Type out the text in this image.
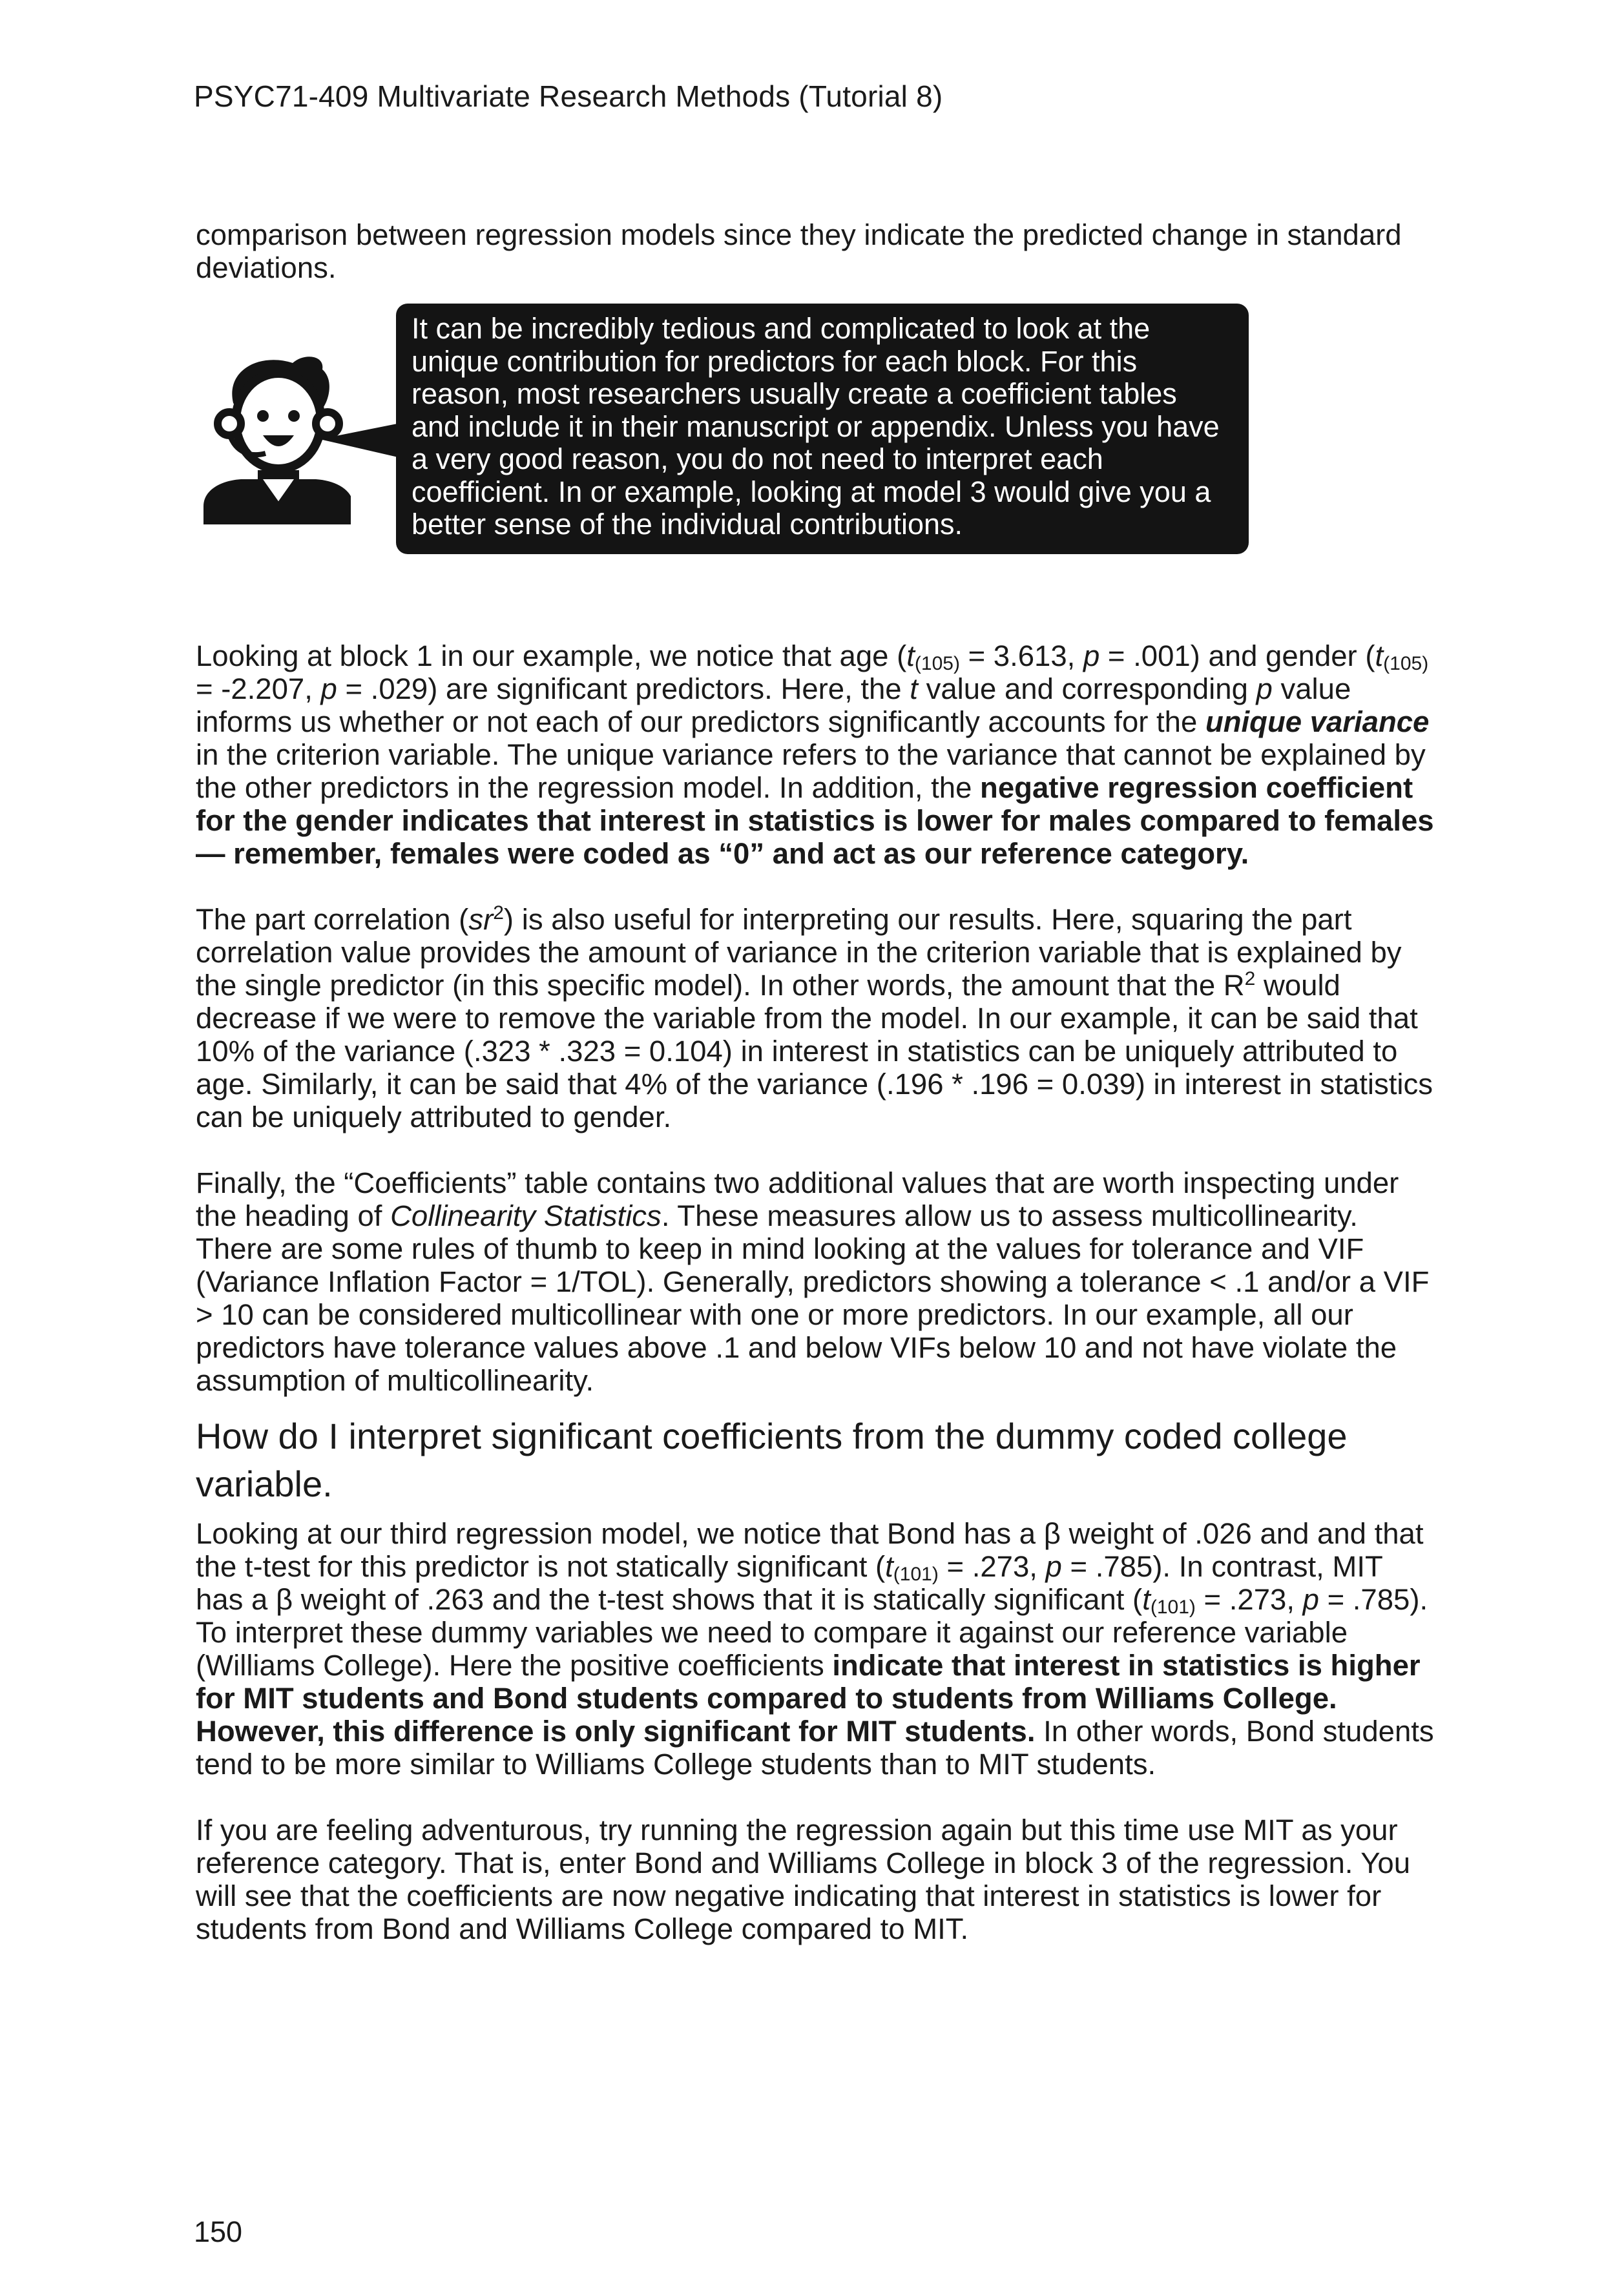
PSYC71-409 Multivariate Research Methods (Tutorial 8)

comparison between regression models since they indicate the predicted change in standard deviations.

It can be incredibly tedious and complicated to look at the unique contribution for predictors for each block. For this reason, most researchers usually create a coefficient tables and include it in their manuscript or appendix. Unless you have a very good reason, you do not need to interpret each coefficient. In or example, looking at model 3 would give you a better sense of the individual contributions.

Looking at block 1 in our example, we notice that age ($t_{(105)} = 3.613$, p = .001) and gender ($t_{(105)} = -2.207$, p = .029) are significant predictors. Here, the t value and corresponding p value informs us whether or not each of our predictors significantly accounts for the unique variance in the criterion variable. The unique variance refers to the variance that cannot be explained by the other predictors in the regression model. In addition, the negative regression coefficient for the gender indicates that interest in statistics is lower for males compared to females — remember, females were coded as “0” and act as our reference category.

The part correlation $(sr^2)$ is also useful for interpreting our results. Here, squaring the part correlation value provides the amount of variance in the criterion variable that is explained by the single predictor (in this specific model). In other words, the amount that the $R^2$ would decrease if we were to remove the variable from the model. In our example, it can be said that 10% of the variance (.323 * .323 = 0.104) in interest in statistics can be uniquely attributed to age. Similarly, it can be said that 4% of the variance (.196 * .196 = 0.039) in interest in statistics can be uniquely attributed to gender.

Finally, the “Coefficients” table contains two additional values that are worth inspecting under the heading of Collinearity Statistics. These measures allow us to assess multicollinearity. There are some rules of thumb to keep in mind looking at the values for tolerance and VIF (Variance Inflation Factor = 1/TOL). Generally, predictors showing a tolerance < .1 and/or a VIF > 10 can be considered multicollinear with one or more predictors. In our example, all our predictors have tolerance values above .1 and below VIFs below 10 and not have violate the assumption of multicollinearity.

How do I interpret significant coefficients from the dummy coded college variable.

Looking at our third regression model, we notice that Bond has a β weight of .026 and and that the t-test for this predictor is not statically significant ($t_{(101)} = .273$, p = .785). In contrast, MIT has a β weight of .263 and the t-test shows that it is statically significant ($t_{(101)} = .273$, p = .785). To interpret these dummy variables we need to compare it against our reference variable (Williams College). Here the positive coefficients indicate that interest in statistics is higher for MIT students and Bond students compared to students from Williams College. However, this difference is only significant for MIT students. In other words, Bond students tend to be more similar to Williams College students than to MIT students.

If you are feeling adventurous, try running the regression again but this time use MIT as your reference category. That is, enter Bond and Williams College in block 3 of the regression. You will see that the coefficients are now negative indicating that interest in statistics is lower for students from Bond and Williams College compared to MIT.

150
